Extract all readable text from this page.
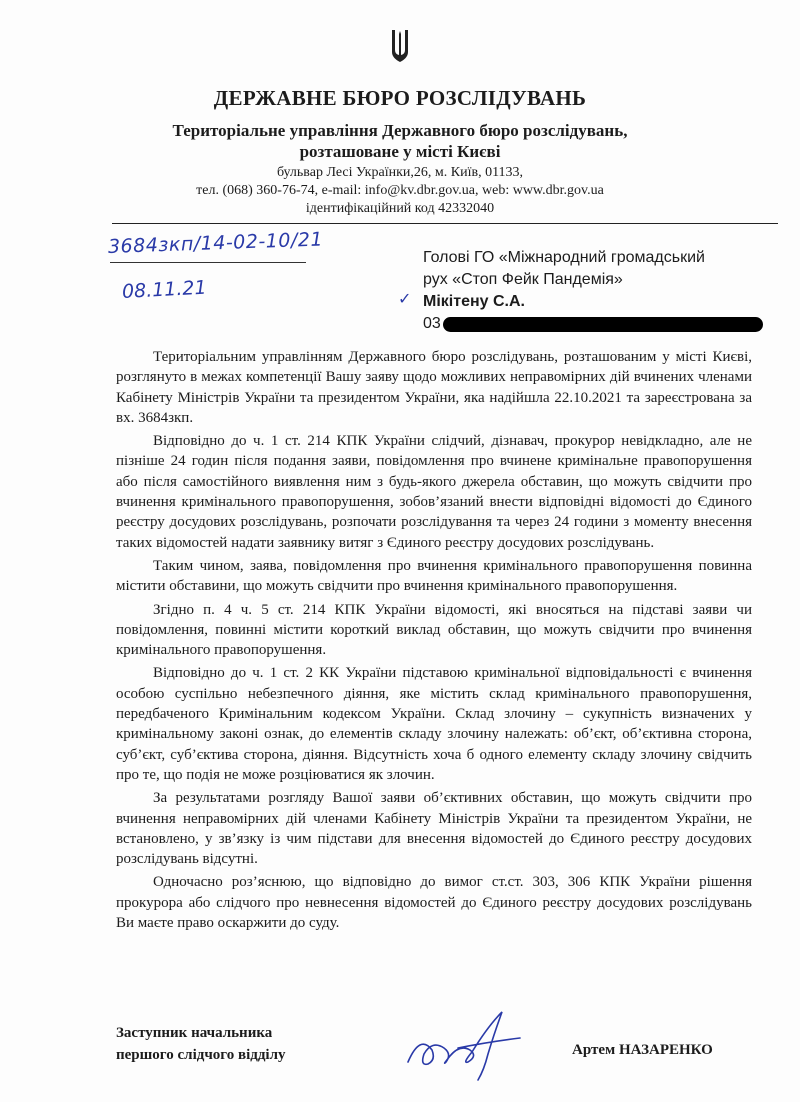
ДЕРЖАВНЕ БЮРО РОЗСЛІДУВАНЬ
Територіальне управління Державного бюро розслідувань,
розташоване у місті Києві
бульвар Лесі Українки,26, м. Київ, 01133,
тел. (068) 360-76-74, e-mail: info@kv.dbr.gov.ua, web: www.dbr.gov.ua
ідентифікаційний код 42332040
3684зкп/14-02-10/21
08.11.21	✓
Голові ГО «Міжнародний громадський
рух «Стоп Фейк Пандемія»
Мікітену С.А.
03

Територіальним управлінням Державного бюро розслідувань, розташованим у місті Києві, розглянуто в межах компетенції Вашу заяву щодо можливих неправомірних дій вчинених членами Кабінету Міністрів України та президентом України, яка надійшла 22.10.2021 та зареєстрована за вх. 3684зкп.

Відповідно до ч. 1 ст. 214 КПК України слідчий, дізнавач, прокурор невідкладно, але не пізніше 24 годин після подання заяви, повідомлення про вчинене кримінальне правопорушення або після самостійного виявлення ним з будь-якого джерела обставин, що можуть свідчити про вчинення кримінального правопорушення, зобов’язаний внести відповідні відомості до Єдиного реєстру досудових розслідувань, розпочати розслідування та через 24 години з моменту внесення таких відомостей надати заявнику витяг з Єдиного реєстру досудових розслідувань.

Таким чином, заява, повідомлення про вчинення кримінального правопорушення повинна містити обставини, що можуть свідчити про вчинення кримінального правопорушення.

Згідно п. 4 ч. 5 ст. 214 КПК України відомості, які вносяться на підставі заяви чи повідомлення, повинні містити короткий виклад обставин, що можуть свідчити про вчинення кримінального правопорушення.

Відповідно до ч. 1 ст. 2 КК України підставою кримінальної відповідальності є вчинення особою суспільно небезпечного діяння, яке містить склад кримінального правопорушення, передбаченого Кримінальним кодексом України. Склад злочину – сукупність визначених у кримінальному законі ознак, до елементів складу злочину належать: об’єкт, об’єктивна сторона, суб’єкт, суб’єктива сторона, діяння. Відсутність хоча б одного елементу складу злочину свідчить про те, що подія не може розціюватися як злочин.

За результатами розгляду Вашої заяви об’єктивних обставин, що можуть свідчити про вчинення неправомірних дій членами Кабінету Міністрів України та президентом України, не встановлено, у зв’язку із чим підстави для внесення відомостей до Єдиного реєстру досудових розслідувань відсутні.

Одночасно роз’яснюю, що відповідно до вимог ст.ст. 303, 306 КПК України рішення прокурора або слідчого про невнесення відомостей до Єдиного реєстру досудових розслідувань Ви маєте право оскаржити до суду.

Заступник начальника
першого слідчого відділу	Артем НАЗАРЕНКО
